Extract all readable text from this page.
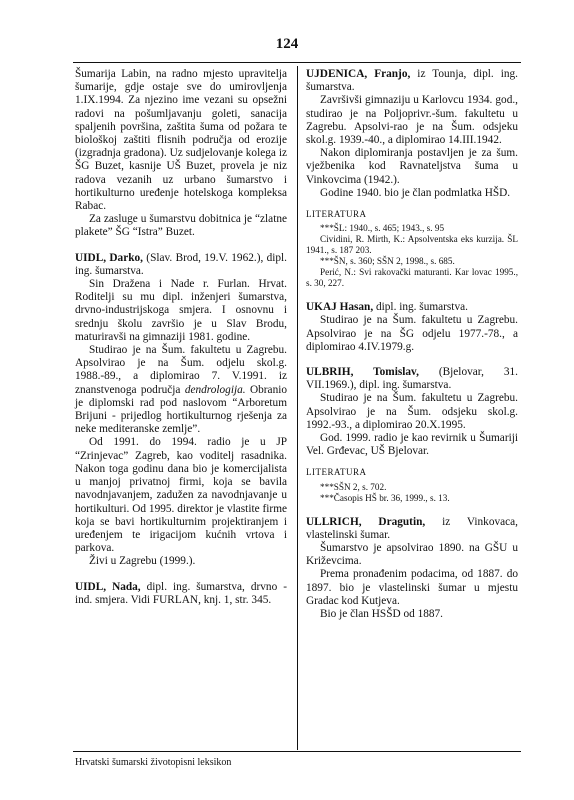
124

Šumarija Labin, na radno mjesto upravitelja šumarije, gdje ostaje sve do umirovljenja 1.IX.1994. Za njezino ime vezani su opsežni radovi na pošumljavanju goleti, sanacija spaljenih površina, zaštita šuma od požara te biološkoj zaštiti flisnih područja od erozije (izgradnja gradona). Uz sudjelovanje kolega iz ŠG Buzet, kasnije UŠ Buzet, provela je niz radova vezanih uz urbano šumarstvo i hortikulturno uređenje hotelskoga kompleksa Rabac.

Za zasluge u šumarstvu dobitnica je “zlatne plakete” ŠG “Istra” Buzet.

UIDL, Darko, (Slav. Brod, 19.V. 1962.), dipl. ing. šumarstva.

Sin Dražena i Nade r. Furlan. Hrvat. Roditelji su mu dipl. inženjeri šumarstva, drvno-industrijskoga smjera. I osnovnu i srednju školu završio je u Slav Brodu, maturiravši na gimnaziji 1981. godine.

Studirao je na Šum. fakultetu u Zagrebu. Apsolvirao je na Šum. odjelu skol.g. 1988.-89., a diplomirao 7. V.1991. iz znanstvenoga područja dendrologija. Obranio je diplomski rad pod naslovom “Arboretum Brijuni - prijedlog hortikulturnog rješenja za neke mediteranske zemlje”.

Od 1991. do 1994. radio je u JP “Zrinjevac” Zagreb, kao voditelj rasadnika. Nakon toga godinu dana bio je komercijalista u manjoj privatnoj firmi, koja se bavila navodnjavanjem, zadužen za navodnjavanje u hortikulturi. Od 1995. direktor je vlastite firme koja se bavi hortikulturnim projektiranjem i uređenjem te irigacijom kućnih vrtova i parkova.

Živi u Zagrebu (1999.).

UIDL, Nada, dipl. ing. šumarstva, drvno - ind. smjera. Vidi FURLAN, knj. 1, str. 345.

UJDENICA, Franjo, iz Tounja, dipl. ing. šumarstva.

Završivši gimnaziju u Karlovcu 1934. god., studirao je na Poljoprivr.-šum. fakultetu u Zagrebu. Apsolvi-rao je na Šum. odsjeku skol.g. 1939.-40., a diplomirao 14.III.1942.

Nakon diplomiranja postavljen je za šum. vježbenika kod Ravnateljstva šuma u Vinkovcima (1942.).

Godine 1940. bio je član podmlatka HŠD.

LITERATURA

***ŠL: 1940., s. 465; 1943., s. 95

Cividini, R. Mirth, K.: Apsolventska eks kurzija. ŠL 1941., s. 187 203.

***ŠN, s. 360; SŠN 2, 1998., s. 685.

Perić, N.: Svi rakovački maturanti. Kar lovac 1995., s. 30, 227.

UKAJ Hasan, dipl. ing. šumarstva.

Studirao je na Šum. fakultetu u Zagrebu. Apsolvirao je na ŠG odjelu 1977.-78., a diplomirao 4.IV.1979.g.

ULBRIH, Tomislav, (Bjelovar, 31. VII.1969.), dipl. ing. šumarstva.

Studirao je na Šum. fakultetu u Zagrebu. Apsolvirao je na Šum. odsjeku skol.g. 1992.-93., a diplomirao 20.X.1995.

God. 1999. radio je kao revirnik u Šumariji Vel. Grđevac, UŠ Bjelovar.

LITERATURA

***SŠN 2, s. 702.

***Časopis HŠ br. 36, 1999., s. 13.

ULLRICH, Dragutin, iz Vinkovaca, vlastelinski šumar.

Šumarstvo je apsolvirao 1890. na GŠU u Križevcima.

Prema pronađenim podacima, od 1887. do 1897. bio je vlastelinski šumar u mjestu Gradac kod Kutjeva.

Bio je član HSŠD od 1887.

Hrvatski šumarski životopisni leksikon
